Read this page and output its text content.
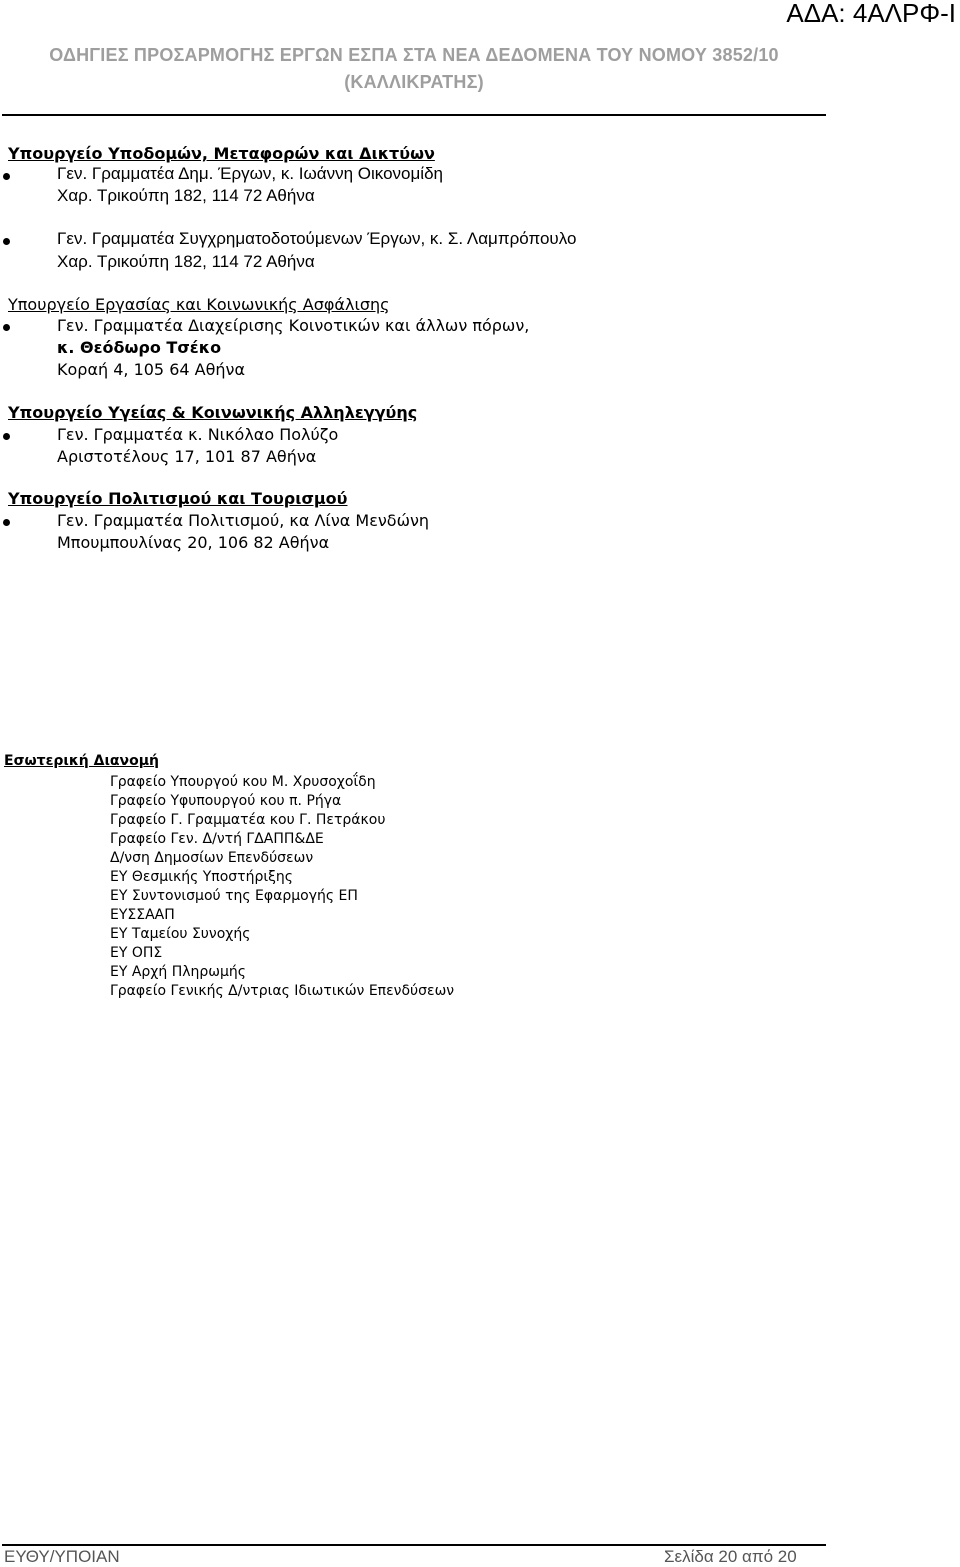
ΑΔΑ: 4ΑΛΡΦ-Ι
ΟΔΗΓΙΕΣ ΠΡΟΣΑΡΜΟΓΗΣ ΕΡΓΩΝ ΕΣΠΑ ΣΤΑ ΝΕΑ ΔΕΔΟΜΕΝΑ ΤΟΥ ΝΟΜΟΥ 3852/10
(ΚΑΛΛΙΚΡΑΤΗΣ)
Υπουργείο Υποδομών, Μεταφορών και Δικτύων
Γεν. Γραμματέα Δημ. Έργων, κ. Ιωάννη Οικονομίδη
Χαρ. Τρικούπη 182, 114 72 Αθήνα
Γεν. Γραμματέα Συγχρηματοδοτούμενων Έργων, κ. Σ. Λαμπρόπουλο
Χαρ. Τρικούπη 182, 114 72 Αθήνα
Υπουργείο Εργασίας και Κοινωνικής Ασφάλισης
Γεν. Γραμματέα Διαχείρισης Κοινοτικών και άλλων πόρων,
κ. Θεόδωρο Τσέκο
Κοραή 4, 105 64 Αθήνα
Υπουργείο Υγείας & Κοινωνικής Αλληλεγγύης
Γεν. Γραμματέα κ. Νικόλαο Πολύζο
Αριστοτέλους 17, 101 87 Αθήνα
Υπουργείο Πολιτισμού και Τουρισμού
Γεν. Γραμματέα Πολιτισμού, κα Λίνα Μενδώνη
Μπουμπουλίνας 20, 106 82 Αθήνα
Εσωτερική Διανομή
Γραφείο Υπουργού κου Μ. Χρυσοχοΐδη
Γραφείο Υφυπουργού κου π. Ρήγα
Γραφείο Γ. Γραμματέα κου Γ. Πετράκου
Γραφείο Γεν. Δ/ντή ΓΔΑΠΠ&ΔΕ
Δ/νση Δημοσίων Επενδύσεων
ΕΥ Θεσμικής Υποστήριξης
ΕΥ Συντονισμού της Εφαρμογής ΕΠ
ΕΥΣΣΑΑΠ
ΕΥ Ταμείου Συνοχής
ΕΥ ΟΠΣ
ΕΥ Αρχή Πληρωμής
Γραφείο Γενικής Δ/ντριας Ιδιωτικών Επενδύσεων
ΕΥΘΥ/ΥΠΟΙΑΝ	Σελίδα 20 από 20
